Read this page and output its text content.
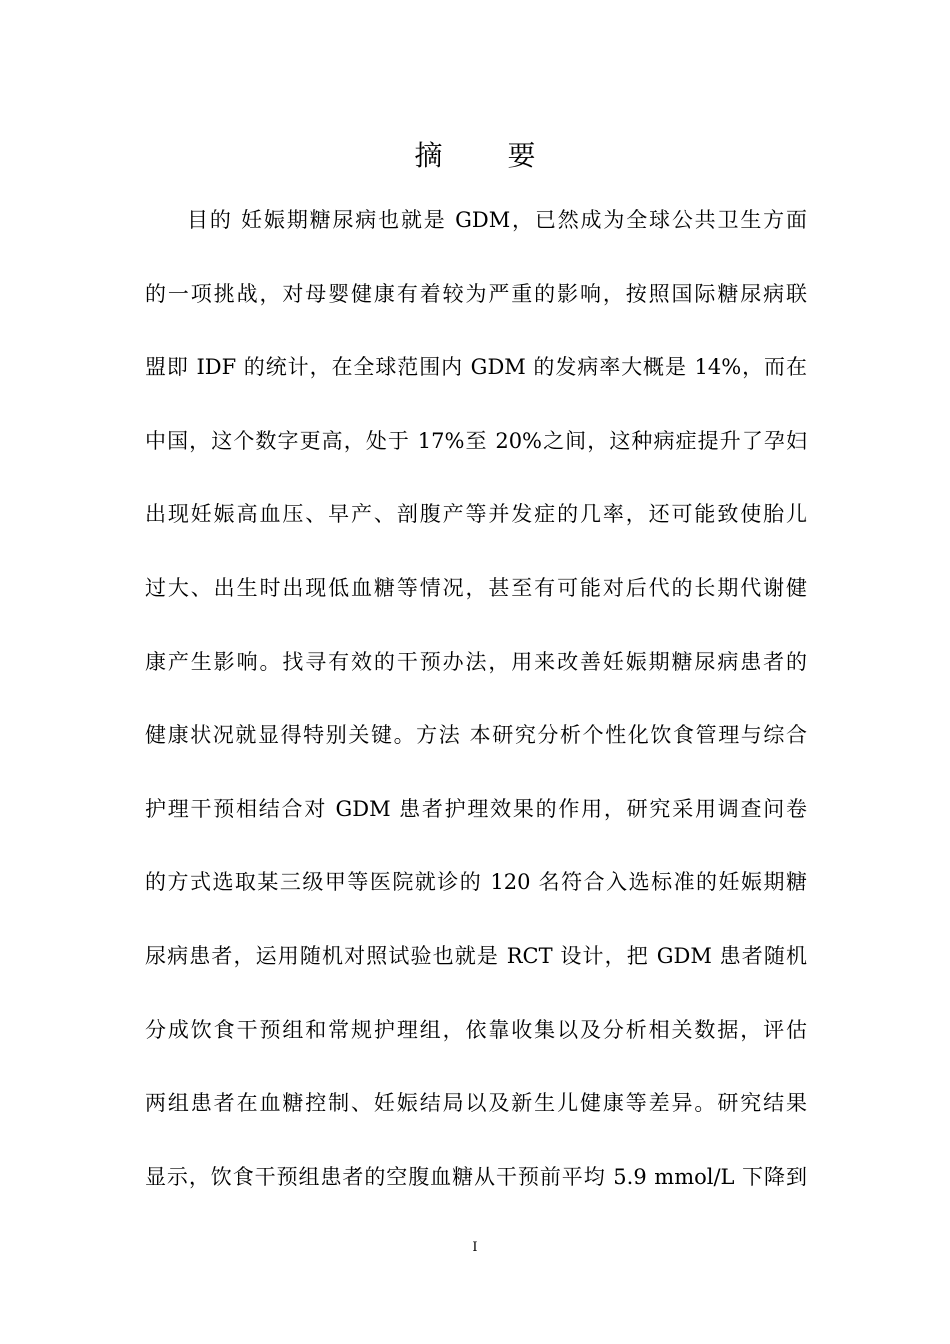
摘 要
目的 妊娠期糖尿病也就是 GDM，已然成为全球公共卫生方面
的一项挑战，对母婴健康有着较为严重的影响，按照国际糖尿病联
盟即 IDF 的统计，在全球范围内 GDM 的发病率大概是 14%，而在
中国，这个数字更高，处于 17%至 20%之间，这种病症提升了孕妇
出现妊娠高血压、早产、剖腹产等并发症的几率，还可能致使胎儿
过大、出生时出现低血糖等情况，甚至有可能对后代的长期代谢健
康产生影响。找寻有效的干预办法，用来改善妊娠期糖尿病患者的
健康状况就显得特别关键。方法 本研究分析个性化饮食管理与综合
护理干预相结合对 GDM 患者护理效果的作用，研究采用调查问卷
的方式选取某三级甲等医院就诊的 120 名符合入选标准的妊娠期糖
尿病患者，运用随机对照试验也就是 RCT 设计，把 GDM 患者随机
分成饮食干预组和常规护理组，依靠收集以及分析相关数据，评估
两组患者在血糖控制、妊娠结局以及新生儿健康等差异。研究结果
显示，饮食干预组患者的空腹血糖从干预前平均 5.9 mmol/L 下降到
I
